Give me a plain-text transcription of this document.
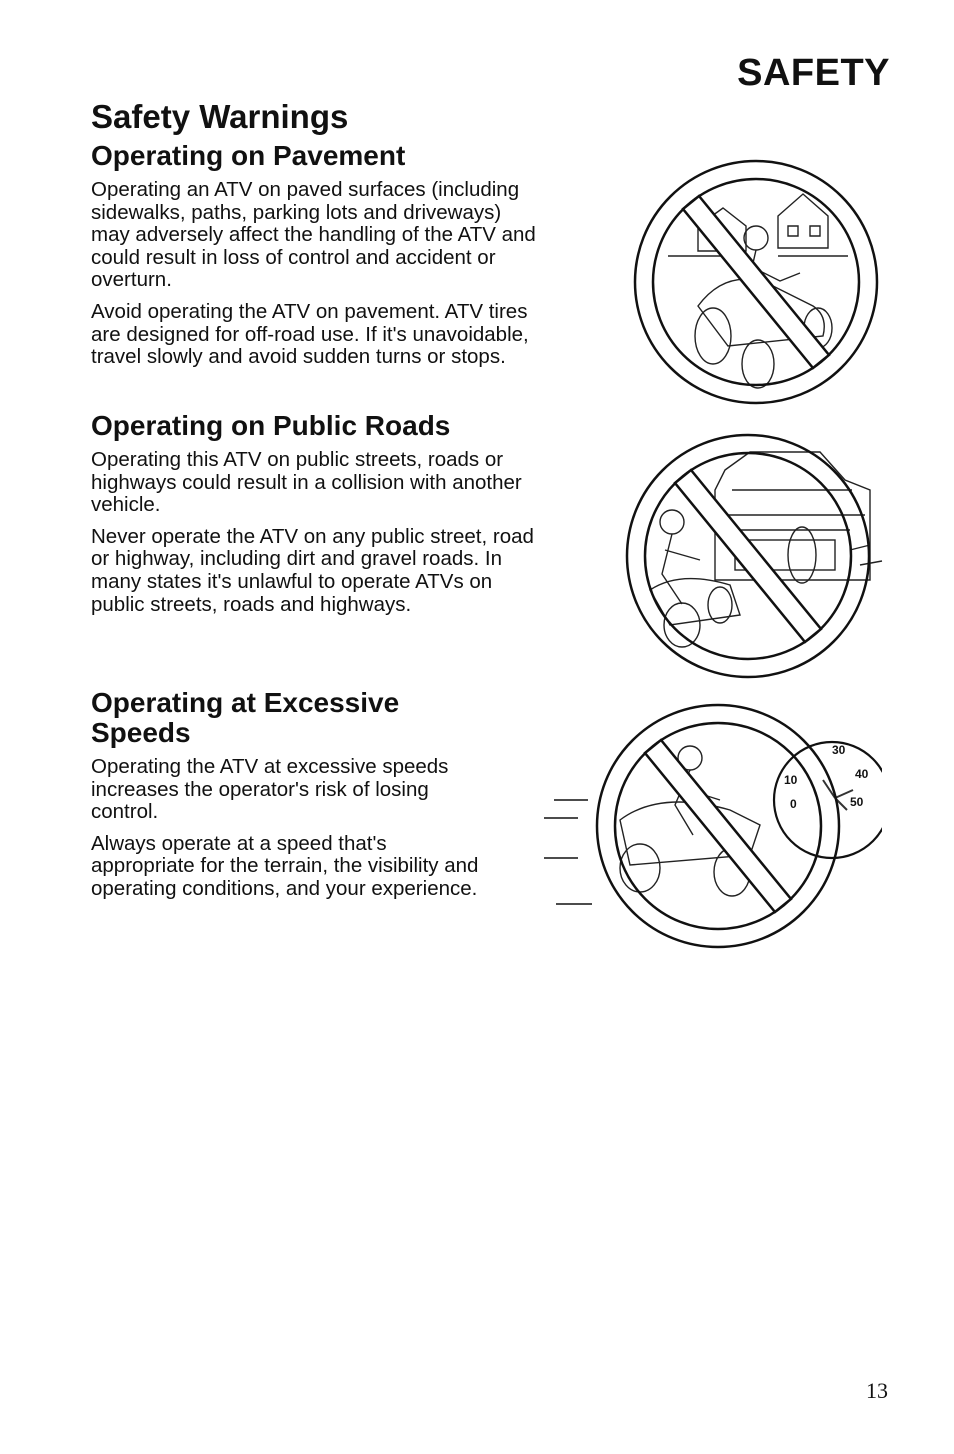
SAFETY
Safety Warnings
Operating on Pavement

Operating an ATV on paved surfaces (including sidewalks, paths, parking lots and driveways) may adversely affect the handling of the ATV and could result in loss of control and accident or overturn.

Avoid operating the ATV on pavement. ATV tires are designed for off-road use. If it's unavoidable, travel slowly and avoid sudden turns or stops.

Operating on Public Roads

Operating this ATV on public streets, roads or highways could result in a collision with another vehicle.

Never operate the ATV on any public street, road or highway, including dirt and gravel roads. In many states it's unlawful to operate ATVs on public streets, roads and highways.

Operating at Excessive Speeds

Operating the ATV at excessive speeds increases the operator's risk of losing control.

Always operate at a speed that's appropriate for the terrain, the visibility and operating conditions, and your experience.

0
10
30
40
50
13
